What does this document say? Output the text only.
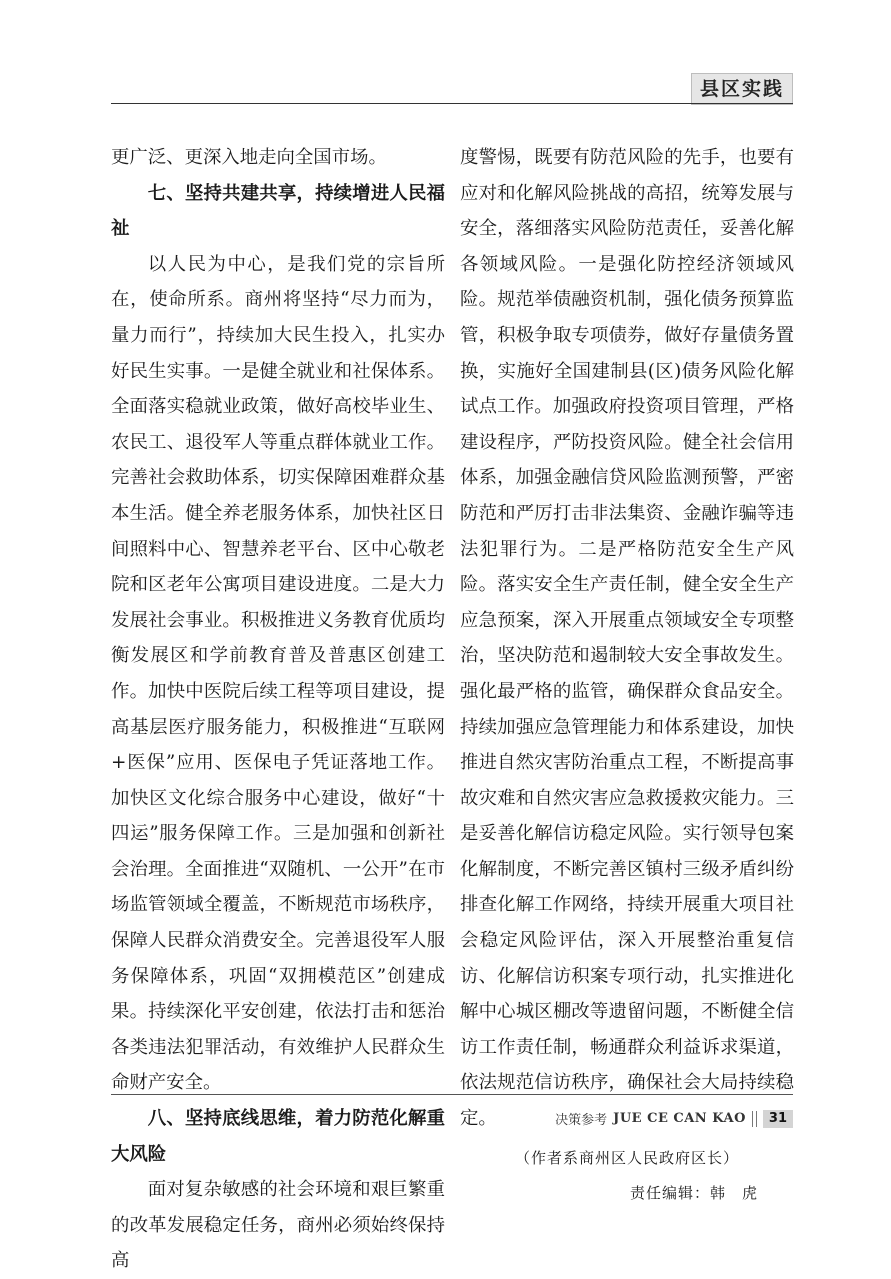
县区实践

更广泛、更深入地走向全国市场。

七、坚持共建共享，持续增进人民福祉

以人民为中心，是我们党的宗旨所在，使命所系。商州将坚持“尽力而为，量力而行”，持续加大民生投入，扎实办好民生实事。一是健全就业和社保体系。全面落实稳就业政策，做好高校毕业生、农民工、退役军人等重点群体就业工作。完善社会救助体系，切实保障困难群众基本生活。健全养老服务体系，加快社区日间照料中心、智慧养老平台、区中心敬老院和区老年公寓项目建设进度。二是大力发展社会事业。积极推进义务教育优质均衡发展区和学前教育普及普惠区创建工作。加快中医院后续工程等项目建设，提高基层医疗服务能力，积极推进“互联网+医保”应用、医保电子凭证落地工作。加快区文化综合服务中心建设，做好“十四运”服务保障工作。三是加强和创新社会治理。全面推进“双随机、一公开”在市场监管领域全覆盖，不断规范市场秩序，保障人民群众消费安全。完善退役军人服务保障体系，巩固“双拥模范区”创建成果。持续深化平安创建，依法打击和惩治各类违法犯罪活动，有效维护人民群众生命财产安全。

八、坚持底线思维，着力防范化解重大风险

面对复杂敏感的社会环境和艰巨繁重的改革发展稳定任务，商州必须始终保持高

度警惕，既要有防范风险的先手，也要有应对和化解风险挑战的高招，统筹发展与安全，落细落实风险防范责任，妥善化解各领域风险。一是强化防控经济领域风险。规范举债融资机制，强化债务预算监管，积极争取专项债券，做好存量债务置换，实施好全国建制县(区)债务风险化解试点工作。加强政府投资项目管理，严格建设程序，严防投资风险。健全社会信用体系，加强金融信贷风险监测预警，严密防范和严厉打击非法集资、金融诈骗等违法犯罪行为。二是严格防范安全生产风险。落实安全生产责任制，健全安全生产应急预案，深入开展重点领域安全专项整治，坚决防范和遏制较大安全事故发生。强化最严格的监管，确保群众食品安全。持续加强应急管理能力和体系建设，加快推进自然灾害防治重点工程，不断提高事故灾难和自然灾害应急救援救灾能力。三是妥善化解信访稳定风险。实行领导包案化解制度，不断完善区镇村三级矛盾纠纷排查化解工作网络，持续开展重大项目社会稳定风险评估，深入开展整治重复信访、化解信访积案专项行动，扎实推进化解中心城区棚改等遗留问题，不断健全信访工作责任制，畅通群众利益诉求渠道，依法规范信访秩序，确保社会大局持续稳定。

（作者系商州区人民政府区长）

责任编辑：韩　虎

决策参考 JUE CE CAN KAO	31
